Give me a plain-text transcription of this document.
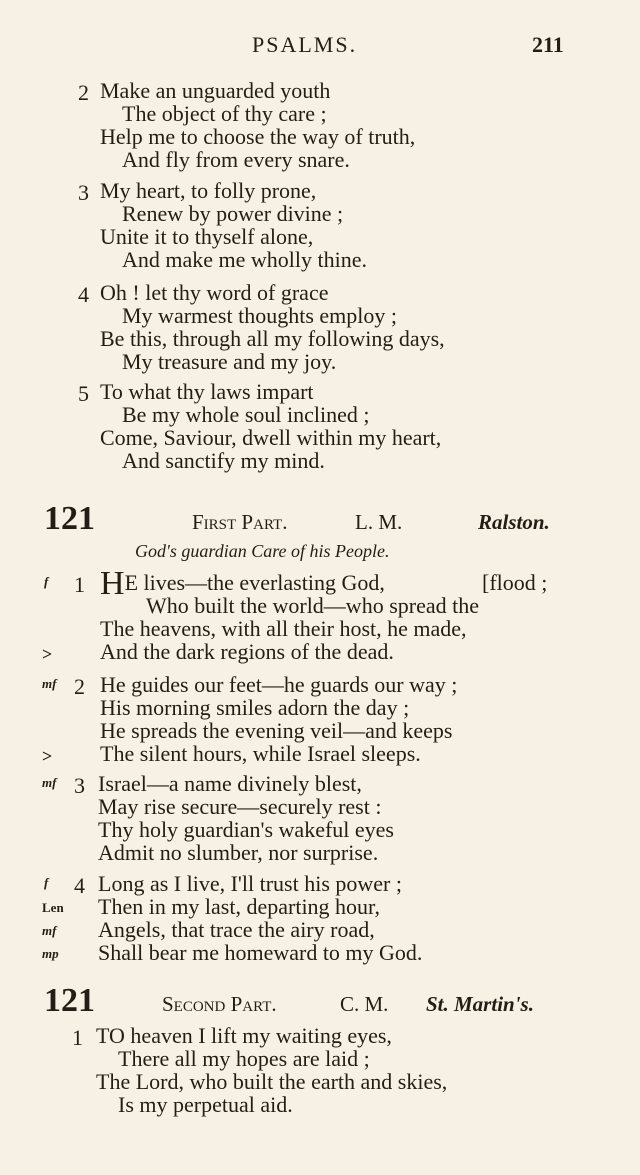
PSALMS.	211
2 Make an unguarded youth
The object of thy care ;
Help me to choose the way of truth,
And fly from every snare.
3 My heart, to folly prone,
Renew by power divine ;
Unite it to thyself alone,
And make me wholly thine.
4 Oh ! let thy word of grace
My warmest thoughts employ ;
Be this, through all my following days,
My treasure and my joy.
5 To what thy laws impart
Be my whole soul inclined ;
Come, Saviour, dwell within my heart,
And sanctify my mind.
121	First Part.	L. M.	Ralston.
God's guardian Care of his People.
f 1 HE lives—the everlasting God,	[flood ;
Who built the world—who spread the
The heavens, with all their host, he made,
> And the dark regions of the dead.
mf 2 He guides our feet—he guards our way ;
His morning smiles adorn the day ;
He spreads the evening veil—and keeps
> The silent hours, while Israel sleeps.
mf 3 Israel—a name divinely blest,
May rise secure—securely rest :
Thy holy guardian's wakeful eyes
Admit no slumber, nor surprise.
f 4 Long as I live, I'll trust his power ;
Len Then in my last, departing hour,
mf Angels, that trace the airy road,
mp Shall bear me homeward to my God.
121	Second Part.	C. M. St. Martin's.
1 TO heaven I lift my waiting eyes,
There all my hopes are laid ;
The Lord, who built the earth and skies,
Is my perpetual aid.
